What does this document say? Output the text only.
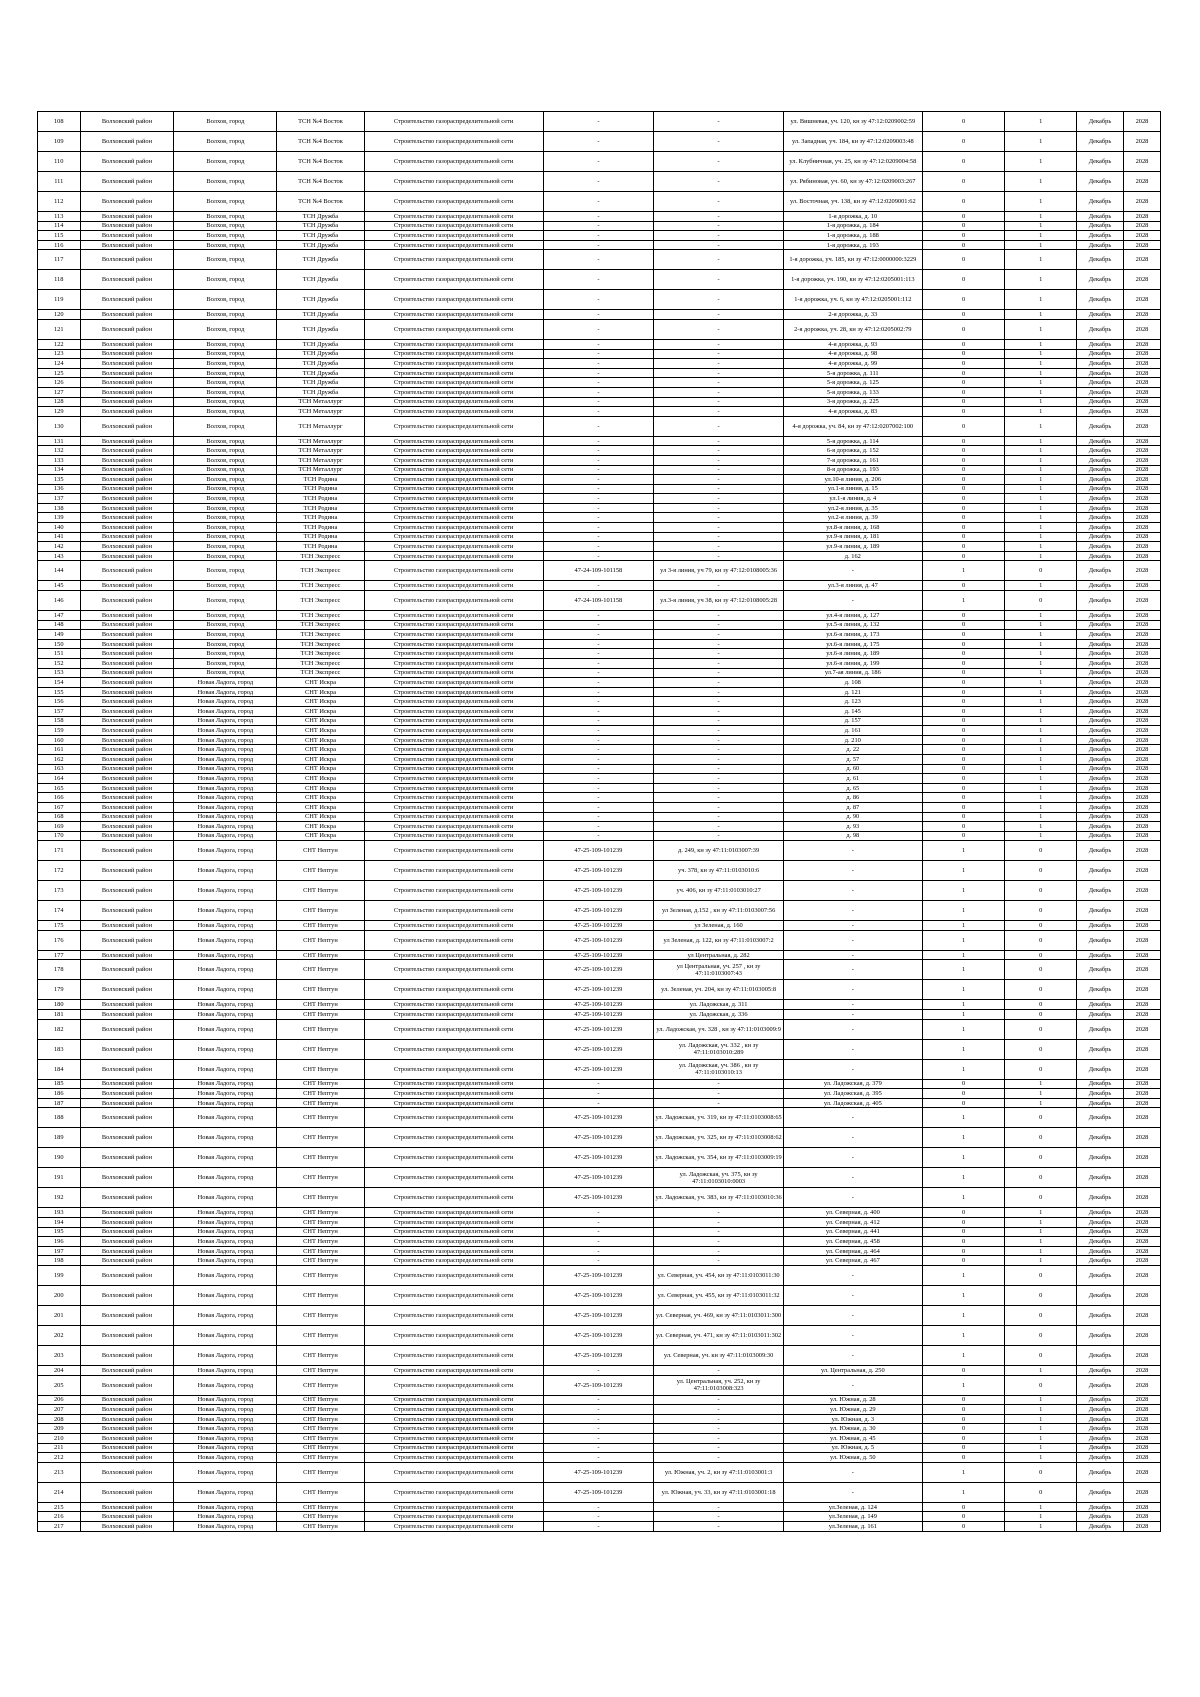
108	Волховский район	Волхов, город	ТСН №4 Восток	Строительство газораспределительной сети	-	-	ул. Вишневая, уч. 120, кн зу 47:12:0209002:59	0	1	Декабрь	2028
109	Волховский район	Волхов, город	ТСН №4 Восток	Строительство газораспределительной сети	-	-	ул. Западная, уч. 184, кн зу 47:12:0209003:48	0	1	Декабрь	2028
110	Волховский район	Волхов, город	ТСН №4 Восток	Строительство газораспределительной сети	-	-	ул. Клубничная, уч. 25, кн зу 47:12:0209004:58	0	1	Декабрь	2028
111	Волховский район	Волхов, город	ТСН №4 Восток	Строительство газораспределительной сети	-	-	ул. Рябиновая, уч. 60, кн зу 47:12:0209003:267	0	1	Декабрь	2028
112	Волховский район	Волхов, город	ТСН №4 Восток	Строительство газораспределительной сети	-	-	ул. Восточная, уч. 138, кн зу 47:12:0209001:62	0	1	Декабрь	2028
113	Волховский район	Волхов, город	ТСН Дружба	Строительство газораспределительной сети	-	-	1-я дорожка, д. 10	0	1	Декабрь	2028
114	Волховский район	Волхов, город	ТСН Дружба	Строительство газораспределительной сети	-	-	1-я дорожка, д. 184	0	1	Декабрь	2028
115	Волховский район	Волхов, город	ТСН Дружба	Строительство газораспределительной сети	-	-	1-я дорожка, д. 188	0	1	Декабрь	2028
116	Волховский район	Волхов, город	ТСН Дружба	Строительство газораспределительной сети	-	-	1-я дорожка, д. 193	0	1	Декабрь	2028
117	Волховский район	Волхов, город	ТСН Дружба	Строительство газораспределительной сети	-	-	1-я дорожка, уч. 185, кн зу 47:12:0000000:3229	0	1	Декабрь	2028
118	Волховский район	Волхов, город	ТСН Дружба	Строительство газораспределительной сети	-	-	1-я дорожка, уч. 190, кн зу 47:12:0205001:113	0	1	Декабрь	2028
119	Волховский район	Волхов, город	ТСН Дружба	Строительство газораспределительной сети	-	-	1-я дорожка, уч. 6, кн зу 47:12:0205001:112	0	1	Декабрь	2028
120	Волховский район	Волхов, город	ТСН Дружба	Строительство газораспределительной сети	-	-	2-я дорожка, д. 33	0	1	Декабрь	2028
121	Волховский район	Волхов, город	ТСН Дружба	Строительство газораспределительной сети	-	-	2-я дорожка, уч. 28, кн зу 47:12:0205002:79	0	1	Декабрь	2028
122	Волховский район	Волхов, город	ТСН Дружба	Строительство газораспределительной сети	-	-	4-я дорожка, д. 93	0	1	Декабрь	2028
123	Волховский район	Волхов, город	ТСН Дружба	Строительство газораспределительной сети	-	-	4-я дорожка, д. 98	0	1	Декабрь	2028
124	Волховский район	Волхов, город	ТСН Дружба	Строительство газораспределительной сети	-	-	4-я дорожка, д. 99	0	1	Декабрь	2028
125	Волховский район	Волхов, город	ТСН Дружба	Строительство газораспределительной сети	-	-	5-я дорожка, д. 111	0	1	Декабрь	2028
126	Волховский район	Волхов, город	ТСН Дружба	Строительство газораспределительной сети	-	-	5-я дорожка, д. 125	0	1	Декабрь	2028
127	Волховский район	Волхов, город	ТСН Дружба	Строительство газораспределительной сети	-	-	5-я дорожка, д. 133	0	1	Декабрь	2028
128	Волховский район	Волхов, город	ТСН Металлург	Строительство газораспределительной сети	-	-	3-я дорожка, д. 225	0	1	Декабрь	2028
129	Волховский район	Волхов, город	ТСН Металлург	Строительство газораспределительной сети	-	-	4-я дорожка, д. 83	0	1	Декабрь	2028
130	Волховский район	Волхов, город	ТСН Металлург	Строительство газораспределительной сети	-	-	4-я дорожка, уч. 84, кн зу 47:12:0207002:100	0	1	Декабрь	2028
131	Волховский район	Волхов, город	ТСН Металлург	Строительство газораспределительной сети	-	-	5-я дорожка, д. 114	0	1	Декабрь	2028
132	Волховский район	Волхов, город	ТСН Металлург	Строительство газораспределительной сети	-	-	6-я дорожка, д. 152	0	1	Декабрь	2028
133	Волховский район	Волхов, город	ТСН Металлург	Строительство газораспределительной сети	-	-	7-я дорожка, д. 161	0	1	Декабрь	2028
134	Волховский район	Волхов, город	ТСН Металлург	Строительство газораспределительной сети	-	-	8-я дорожка, д. 193	0	1	Декабрь	2028
135	Волховский район	Волхов, город	ТСН Родина	Строительство газораспределительной сети	-	-	ул.10-я линия, д. 206	0	1	Декабрь	2028
136	Волховский район	Волхов, город	ТСН Родина	Строительство газораспределительной сети	-	-	ул.1-я линия, д. 15	0	1	Декабрь	2028
137	Волховский район	Волхов, город	ТСН Родина	Строительство газораспределительной сети	-	-	ул.1-я линия, д. 4	0	1	Декабрь	2028
138	Волховский район	Волхов, город	ТСН Родина	Строительство газораспределительной сети	-	-	ул.2-я линия, д. 35	0	1	Декабрь	2028
139	Волховский район	Волхов, город	ТСН Родина	Строительство газораспределительной сети	-	-	ул.2-я линия, д. 39	0	1	Декабрь	2028
140	Волховский район	Волхов, город	ТСН Родина	Строительство газораспределительной сети	-	-	ул.8-я линия, д. 168	0	1	Декабрь	2028
141	Волховский район	Волхов, город	ТСН Родина	Строительство газораспределительной сети	-	-	ул.9-я линия, д. 181	0	1	Декабрь	2028
142	Волховский район	Волхов, город	ТСН Родина	Строительство газораспределительной сети	-	-	ул.9-я линия, д. 189	0	1	Декабрь	2028
143	Волховский район	Волхов, город	ТСН Экспресс	Строительство газораспределительной сети	-	-	д. 162	0	1	Декабрь	2028
144	Волховский район	Волхов, город	ТСН Экспресс	Строительство газораспределительной сети	47-24-109-101158	ул 3-я линия, уч 79, кн зу 47:12:0108005:36	-	1	0	Декабрь	2028
145	Волховский район	Волхов, город	ТСН Экспресс	Строительство газораспределительной сети	-	-	ул.3-я линия, д. 47	0	1	Декабрь	2028
146	Волховский район	Волхов, город	ТСН Экспресс	Строительство газораспределительной сети	47-24-109-101158	ул.3-я линия, уч 38, кн зу 47:12:0108005:28	-	1	0	Декабрь	2028
147	Волховский район	Волхов, город	ТСН Экспресс	Строительство газораспределительной сети	-	-	ул.4-я линия, д. 127	0	1	Декабрь	2028
148	Волховский район	Волхов, город	ТСН Экспресс	Строительство газораспределительной сети	-	-	ул.5-я линия, д. 132	0	1	Декабрь	2028
149	Волховский район	Волхов, город	ТСН Экспресс	Строительство газораспределительной сети	-	-	ул.6-я линия, д. 173	0	1	Декабрь	2028
150	Волховский район	Волхов, город	ТСН Экспресс	Строительство газораспределительной сети	-	-	ул.6-я линия, д. 175	0	1	Декабрь	2028
151	Волховский район	Волхов, город	ТСН Экспресс	Строительство газораспределительной сети	-	-	ул.6-я линия, д. 189	0	1	Декабрь	2028
152	Волховский район	Волхов, город	ТСН Экспресс	Строительство газораспределительной сети	-	-	ул.6-я линия, д. 199	0	1	Декабрь	2028
153	Волховский район	Волхов, город	ТСН Экспресс	Строительство газораспределительной сети	-	-	ул.7-ая линия, д. 186	0	1	Декабрь	2028
154	Волховский район	Новая Ладога, город	СНТ Искра	Строительство газораспределительной сети	-	-	д. 108	0	1	Декабрь	2028
155	Волховский район	Новая Ладога, город	СНТ Искра	Строительство газораспределительной сети	-	-	д. 121	0	1	Декабрь	2028
156	Волховский район	Новая Ладога, город	СНТ Искра	Строительство газораспределительной сети	-	-	д. 123	0	1	Декабрь	2028
157	Волховский район	Новая Ладога, город	СНТ Искра	Строительство газораспределительной сети	-	-	д. 145	0	1	Декабрь	2028
158	Волховский район	Новая Ладога, город	СНТ Искра	Строительство газораспределительной сети	-	-	д. 157	0	1	Декабрь	2028
159	Волховский район	Новая Ладога, город	СНТ Искра	Строительство газораспределительной сети	-	-	д. 161	0	1	Декабрь	2028
160	Волховский район	Новая Ладога, город	СНТ Искра	Строительство газораспределительной сети	-	-	д. 210	0	1	Декабрь	2028
161	Волховский район	Новая Ладога, город	СНТ Искра	Строительство газораспределительной сети	-	-	д. 22	0	1	Декабрь	2028
162	Волховский район	Новая Ладога, город	СНТ Искра	Строительство газораспределительной сети	-	-	д. 57	0	1	Декабрь	2028
163	Волховский район	Новая Ладога, город	СНТ Искра	Строительство газораспределительной сети	-	-	д. 60	0	1	Декабрь	2028
164	Волховский район	Новая Ладога, город	СНТ Искра	Строительство газораспределительной сети	-	-	д. 61	0	1	Декабрь	2028
165	Волховский район	Новая Ладога, город	СНТ Искра	Строительство газораспределительной сети	-	-	д. 65	0	1	Декабрь	2028
166	Волховский район	Новая Ладога, город	СНТ Искра	Строительство газораспределительной сети	-	-	д. 86	0	1	Декабрь	2028
167	Волховский район	Новая Ладога, город	СНТ Искра	Строительство газораспределительной сети	-	-	д. 87	0	1	Декабрь	2028
168	Волховский район	Новая Ладога, город	СНТ Искра	Строительство газораспределительной сети	-	-	д. 90	0	1	Декабрь	2028
169	Волховский район	Новая Ладога, город	СНТ Искра	Строительство газораспределительной сети	-	-	д. 93	0	1	Декабрь	2028
170	Волховский район	Новая Ладога, город	СНТ Искра	Строительство газораспределительной сети	-	-	д. 98	0	1	Декабрь	2028
171	Волховский район	Новая Ладога, город	СНТ Нептун	Строительство газораспределительной сети	47-25-109-101239	д. 249, кн зу 47:11:0103007:39	-	1	0	Декабрь	2028
172	Волховский район	Новая Ладога, город	СНТ Нептун	Строительство газораспределительной сети	47-25-109-101239	уч. 378, кн зу 47:11:0103010:6	-	1	0	Декабрь	2028
173	Волховский район	Новая Ладога, город	СНТ Нептун	Строительство газораспределительной сети	47-25-109-101239	уч. 406, кн зу 47:11:0103010:27	-	1	0	Декабрь	2028
174	Волховский район	Новая Ладога, город	СНТ Нептун	Строительство газораспределительной сети	47-25-109-101239	ул Зеленая, д.152 , кн зу 47:11:0103007:56	-	1	0	Декабрь	2028
175	Волховский район	Новая Ладога, город	СНТ Нептун	Строительство газораспределительной сети	47-25-109-101239	ул Зеленая, д. 160	-	1	0	Декабрь	2028
176	Волховский район	Новая Ладога, город	СНТ Нептун	Строительство газораспределительной сети	47-25-109-101239	ул Зеленая, д. 122, кн зу 47:11:0103007:2	-	1	0	Декабрь	2028
177	Волховский район	Новая Ладога, город	СНТ Нептун	Строительство газораспределительной сети	47-25-109-101239	ул Центральная, д. 282	-	1	0	Декабрь	2028
178	Волховский район	Новая Ладога, город	СНТ Нептун	Строительство газораспределительной сети	47-25-109-101239	ул Центральная, уч. 257 , кн зу 47:11:0103007:43	-	1	0	Декабрь	2028
179	Волховский район	Новая Ладога, город	СНТ Нептун	Строительство газораспределительной сети	47-25-109-101239	ул. Зеленая, уч. 204, кн зу 47:11:0103005:8	-	1	0	Декабрь	2028
180	Волховский район	Новая Ладога, город	СНТ Нептун	Строительство газораспределительной сети	47-25-109-101239	ул. Ладожская, д. 311	-	1	0	Декабрь	2028
181	Волховский район	Новая Ладога, город	СНТ Нептун	Строительство газораспределительной сети	47-25-109-101239	ул. Ладожская, д. 336	-	1	0	Декабрь	2028
182	Волховский район	Новая Ладога, город	СНТ Нептун	Строительство газораспределительной сети	47-25-109-101239	ул. Ладожская, уч. 328 , кн зу 47:11:0103009:9	-	1	0	Декабрь	2028
183	Волховский район	Новая Ладога, город	СНТ Нептун	Строительство газораспределительной сети	47-25-109-101239	ул. Ладожская, уч. 332 , кн зу 47:11:0103010:289	-	1	0	Декабрь	2028
184	Волховский район	Новая Ладога, город	СНТ Нептун	Строительство газораспределительной сети	47-25-109-101239	ул. Ладожская, уч. 386 , кн зу 47:11:0103010:13	-	1	0	Декабрь	2028
185	Волховский район	Новая Ладога, город	СНТ Нептун	Строительство газораспределительной сети	-	-	ул. Ладожская, д. 379	0	1	Декабрь	2028
186	Волховский район	Новая Ладога, город	СНТ Нептун	Строительство газораспределительной сети	-	-	ул. Ладожская, д. 395	0	1	Декабрь	2028
187	Волховский район	Новая Ладога, город	СНТ Нептун	Строительство газораспределительной сети	-	-	ул. Ладожская, д. 405	0	1	Декабрь	2028
188	Волховский район	Новая Ладога, город	СНТ Нептун	Строительство газораспределительной сети	47-25-109-101239	ул. Ладожская, уч. 319, кн зу 47:11:0103008:65	-	1	0	Декабрь	2028
189	Волховский район	Новая Ладога, город	СНТ Нептун	Строительство газораспределительной сети	47-25-109-101239	ул. Ладожская, уч. 325, кн зу 47:11:0103008:62	-	1	0	Декабрь	2028
190	Волховский район	Новая Ладога, город	СНТ Нептун	Строительство газораспределительной сети	47-25-109-101239	ул. Ладожская, уч. 354, кн зу 47:11:0103009:19	-	1	0	Декабрь	2028
191	Волховский район	Новая Ладога, город	СНТ Нептун	Строительство газораспределительной сети	47-25-109-101239	ул. Ладожская, уч. 375, кн зу 47:11:0103010:0003	-	1	0	Декабрь	2028
192	Волховский район	Новая Ладога, город	СНТ Нептун	Строительство газораспределительной сети	47-25-109-101239	ул. Ладожская, уч. 383, кн зу 47:11:0103010:36	-	1	0	Декабрь	2028
193	Волховский район	Новая Ладога, город	СНТ Нептун	Строительство газораспределительной сети	-	-	ул. Северная, д. 400	0	1	Декабрь	2028
194	Волховский район	Новая Ладога, город	СНТ Нептун	Строительство газораспределительной сети	-	-	ул. Северная, д. 412	0	1	Декабрь	2028
195	Волховский район	Новая Ладога, город	СНТ Нептун	Строительство газораспределительной сети	-	-	ул. Северная, д. 441	0	1	Декабрь	2028
196	Волховский район	Новая Ладога, город	СНТ Нептун	Строительство газораспределительной сети	-	-	ул. Северная, д. 458	0	1	Декабрь	2028
197	Волховский район	Новая Ладога, город	СНТ Нептун	Строительство газораспределительной сети	-	-	ул. Северная, д. 464	0	1	Декабрь	2028
198	Волховский район	Новая Ладога, город	СНТ Нептун	Строительство газораспределительной сети	-	-	ул. Северная, д. 467	0	1	Декабрь	2028
199	Волховский район	Новая Ладога, город	СНТ Нептун	Строительство газораспределительной сети	47-25-109-101239	ул. Северная, уч. 454, кн зу 47:11:0103011:30	-	1	0	Декабрь	2028
200	Волховский район	Новая Ладога, город	СНТ Нептун	Строительство газораспределительной сети	47-25-109-101239	ул. Северная, уч. 455, кн зу 47:11:0103011:32	-	1	0	Декабрь	2028
201	Волховский район	Новая Ладога, город	СНТ Нептун	Строительство газораспределительной сети	47-25-109-101239	ул. Северная, уч. 469, кн зу 47:11:0103011:300	-	1	0	Декабрь	2028
202	Волховский район	Новая Ладога, город	СНТ Нептун	Строительство газораспределительной сети	47-25-109-101239	ул. Северная, уч. 471, кн зу 47:11:0103011:302	-	1	0	Декабрь	2028
203	Волховский район	Новая Ладога, город	СНТ Нептун	Строительство газораспределительной сети	47-25-109-101239	ул. Северная, уч. кн зу 47:11:0103009:30	-	1	0	Декабрь	2028
204	Волховский район	Новая Ладога, город	СНТ Нептун	Строительство газораспределительной сети	-	-	ул. Центральная, д. 250	0	1	Декабрь	2028
205	Волховский район	Новая Ладога, город	СНТ Нептун	Строительство газораспределительной сети	47-25-109-101239	ул. Центральная, уч. 252, кн зу 47:11:0103008:323	-	1	0	Декабрь	2028
206	Волховский район	Новая Ладога, город	СНТ Нептун	Строительство газораспределительной сети	-	-	ул. Южная, д. 28	0	1	Декабрь	2028
207	Волховский район	Новая Ладога, город	СНТ Нептун	Строительство газораспределительной сети	-	-	ул. Южная, д. 29	0	1	Декабрь	2028
208	Волховский район	Новая Ладога, город	СНТ Нептун	Строительство газораспределительной сети	-	-	ул. Южная, д. 3	0	1	Декабрь	2028
209	Волховский район	Новая Ладога, город	СНТ Нептун	Строительство газораспределительной сети	-	-	ул. Южная, д. 30	0	1	Декабрь	2028
210	Волховский район	Новая Ладога, город	СНТ Нептун	Строительство газораспределительной сети	-	-	ул. Южная, д. 45	0	1	Декабрь	2028
211	Волховский район	Новая Ладога, город	СНТ Нептун	Строительство газораспределительной сети	-	-	ул. Южная, д. 5	0	1	Декабрь	2028
212	Волховский район	Новая Ладога, город	СНТ Нептун	Строительство газораспределительной сети	-	-	ул. Южная, д. 50	0	1	Декабрь	2028
213	Волховский район	Новая Ладога, город	СНТ Нептун	Строительство газораспределительной сети	47-25-109-101239	ул. Южная, уч. 2, кн зу 47:11:0103001:3	-	1	0	Декабрь	2028
214	Волховский район	Новая Ладога, город	СНТ Нептун	Строительство газораспределительной сети	47-25-109-101239	ул. Южная, уч. 33, кн зу 47:11:0103001:18	-	1	0	Декабрь	2028
215	Волховский район	Новая Ладога, город	СНТ Нептун	Строительство газораспределительной сети	-	-	ул.Зеленая, д. 124	0	1	Декабрь	2028
216	Волховский район	Новая Ладога, город	СНТ Нептун	Строительство газораспределительной сети	-	-	ул.Зеленая, д. 149	0	1	Декабрь	2028
217	Волховский район	Новая Ладога, город	СНТ Нептун	Строительство газораспределительной сети	-	-	ул.Зеленая, д. 161	0	1	Декабрь	2028
